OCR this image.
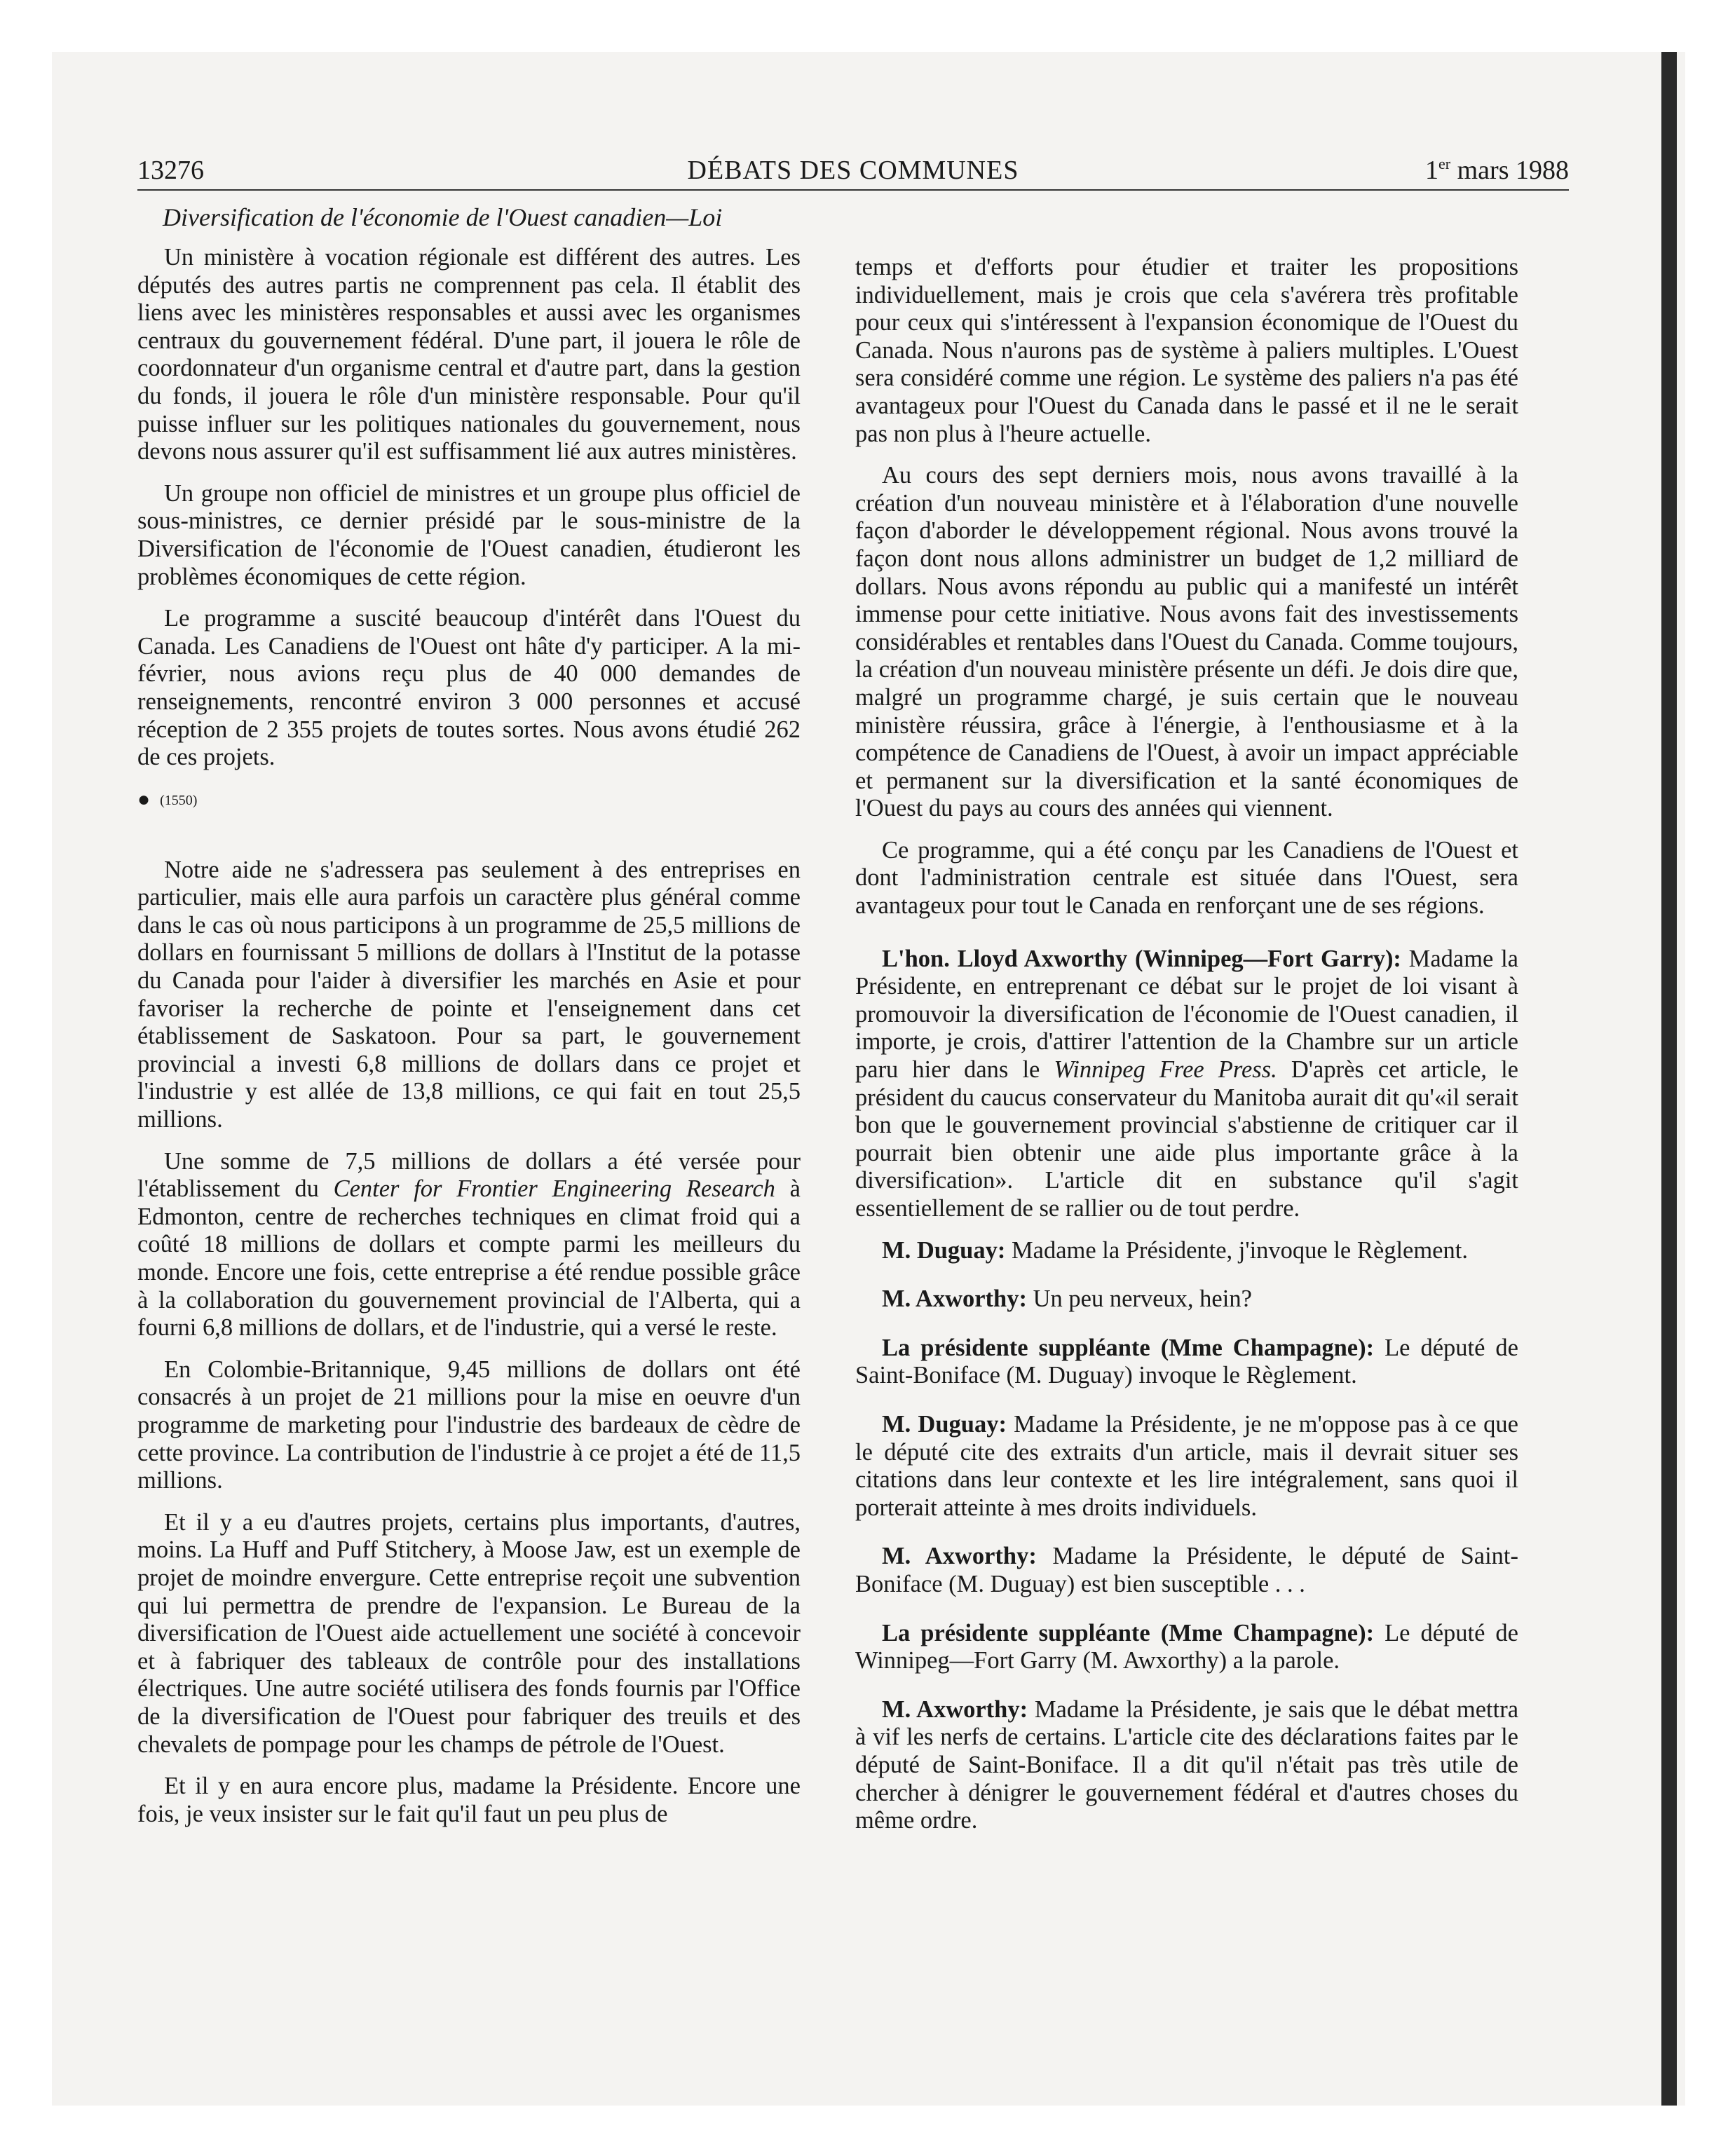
13276	DÉBATS DES COMMUNES	1er mars 1988
Diversification de l'économie de l'Ouest canadien—Loi

Un ministère à vocation régionale est différent des autres. Les députés des autres partis ne comprennent pas cela. Il établit des liens avec les ministères responsables et aussi avec les organismes centraux du gouvernement fédéral. D'une part, il jouera le rôle de coordonnateur d'un organisme central et d'autre part, dans la gestion du fonds, il jouera le rôle d'un ministère responsable. Pour qu'il puisse influer sur les politiques nationales du gouvernement, nous devons nous assurer qu'il est suffisamment lié aux autres ministères.

Un groupe non officiel de ministres et un groupe plus officiel de sous-ministres, ce dernier présidé par le sous-ministre de la Diversification de l'économie de l'Ouest canadien, étudieront les problèmes économiques de cette région.

Le programme a suscité beaucoup d'intérêt dans l'Ouest du Canada. Les Canadiens de l'Ouest ont hâte d'y participer. A la mi-février, nous avions reçu plus de 40 000 demandes de renseignements, rencontré environ 3 000 personnes et accusé réception de 2 355 projets de toutes sortes. Nous avons étudié 262 de ces projets.

● (1550)

Notre aide ne s'adressera pas seulement à des entreprises en particulier, mais elle aura parfois un caractère plus général comme dans le cas où nous participons à un programme de 25,5 millions de dollars en fournissant 5 millions de dollars à l'Institut de la potasse du Canada pour l'aider à diversifier les marchés en Asie et pour favoriser la recherche de pointe et l'enseignement dans cet établissement de Saskatoon. Pour sa part, le gouvernement provincial a investi 6,8 millions de dollars dans ce projet et l'industrie y est allée de 13,8 millions, ce qui fait en tout 25,5 millions.

Une somme de 7,5 millions de dollars a été versée pour l'établissement du Center for Frontier Engineering Research à Edmonton, centre de recherches techniques en climat froid qui a coûté 18 millions de dollars et compte parmi les meilleurs du monde. Encore une fois, cette entreprise a été rendue possible grâce à la collaboration du gouvernement provincial de l'Alberta, qui a fourni 6,8 millions de dollars, et de l'industrie, qui a versé le reste.

En Colombie-Britannique, 9,45 millions de dollars ont été consacrés à un projet de 21 millions pour la mise en oeuvre d'un programme de marketing pour l'industrie des bardeaux de cèdre de cette province. La contribution de l'industrie à ce projet a été de 11,5 millions.

Et il y a eu d'autres projets, certains plus importants, d'autres, moins. La Huff and Puff Stitchery, à Moose Jaw, est un exemple de projet de moindre envergure. Cette entreprise reçoit une subvention qui lui permettra de prendre de l'expansion. Le Bureau de la diversification de l'Ouest aide actuellement une société à concevoir et à fabriquer des tableaux de contrôle pour des installations électriques. Une autre société utilisera des fonds fournis par l'Office de la diversification de l'Ouest pour fabriquer des treuils et des chevalets de pompage pour les champs de pétrole de l'Ouest.

Et il y en aura encore plus, madame la Présidente. Encore une fois, je veux insister sur le fait qu'il faut un peu plus de

temps et d'efforts pour étudier et traiter les propositions individuellement, mais je crois que cela s'avérera très profitable pour ceux qui s'intéressent à l'expansion économique de l'Ouest du Canada. Nous n'aurons pas de système à paliers multiples. L'Ouest sera considéré comme une région. Le système des paliers n'a pas été avantageux pour l'Ouest du Canada dans le passé et il ne le serait pas non plus à l'heure actuelle.

Au cours des sept derniers mois, nous avons travaillé à la création d'un nouveau ministère et à l'élaboration d'une nouvelle façon d'aborder le développement régional. Nous avons trouvé la façon dont nous allons administrer un budget de 1,2 milliard de dollars. Nous avons répondu au public qui a manifesté un intérêt immense pour cette initiative. Nous avons fait des investissements considérables et rentables dans l'Ouest du Canada. Comme toujours, la création d'un nouveau ministère présente un défi. Je dois dire que, malgré un programme chargé, je suis certain que le nouveau ministère réussira, grâce à l'énergie, à l'enthousiasme et à la compétence de Canadiens de l'Ouest, à avoir un impact appréciable et permanent sur la diversification et la santé économiques de l'Ouest du pays au cours des années qui viennent.

Ce programme, qui a été conçu par les Canadiens de l'Ouest et dont l'administration centrale est située dans l'Ouest, sera avantageux pour tout le Canada en renforçant une de ses régions.

L'hon. Lloyd Axworthy (Winnipeg—Fort Garry): Madame la Présidente, en entreprenant ce débat sur le projet de loi visant à promouvoir la diversification de l'économie de l'Ouest canadien, il importe, je crois, d'attirer l'attention de la Chambre sur un article paru hier dans le Winnipeg Free Press. D'après cet article, le président du caucus conservateur du Manitoba aurait dit qu'«il serait bon que le gouvernement provincial s'abstienne de critiquer car il pourrait bien obtenir une aide plus importante grâce à la diversification». L'article dit en substance qu'il s'agit essentiellement de se rallier ou de tout perdre.

M. Duguay: Madame la Présidente, j'invoque le Règlement.

M. Axworthy: Un peu nerveux, hein?

La présidente suppléante (Mme Champagne): Le député de Saint-Boniface (M. Duguay) invoque le Règlement.

M. Duguay: Madame la Présidente, je ne m'oppose pas à ce que le député cite des extraits d'un article, mais il devrait situer ses citations dans leur contexte et les lire intégralement, sans quoi il porterait atteinte à mes droits individuels.

M. Axworthy: Madame la Présidente, le député de Saint-Boniface (M. Duguay) est bien susceptible . . .

La présidente suppléante (Mme Champagne): Le député de Winnipeg—Fort Garry (M. Awxorthy) a la parole.

M. Axworthy: Madame la Présidente, je sais que le débat mettra à vif les nerfs de certains. L'article cite des déclarations faites par le député de Saint-Boniface. Il a dit qu'il n'était pas très utile de chercher à dénigrer le gouvernement fédéral et d'autres choses du même ordre.
